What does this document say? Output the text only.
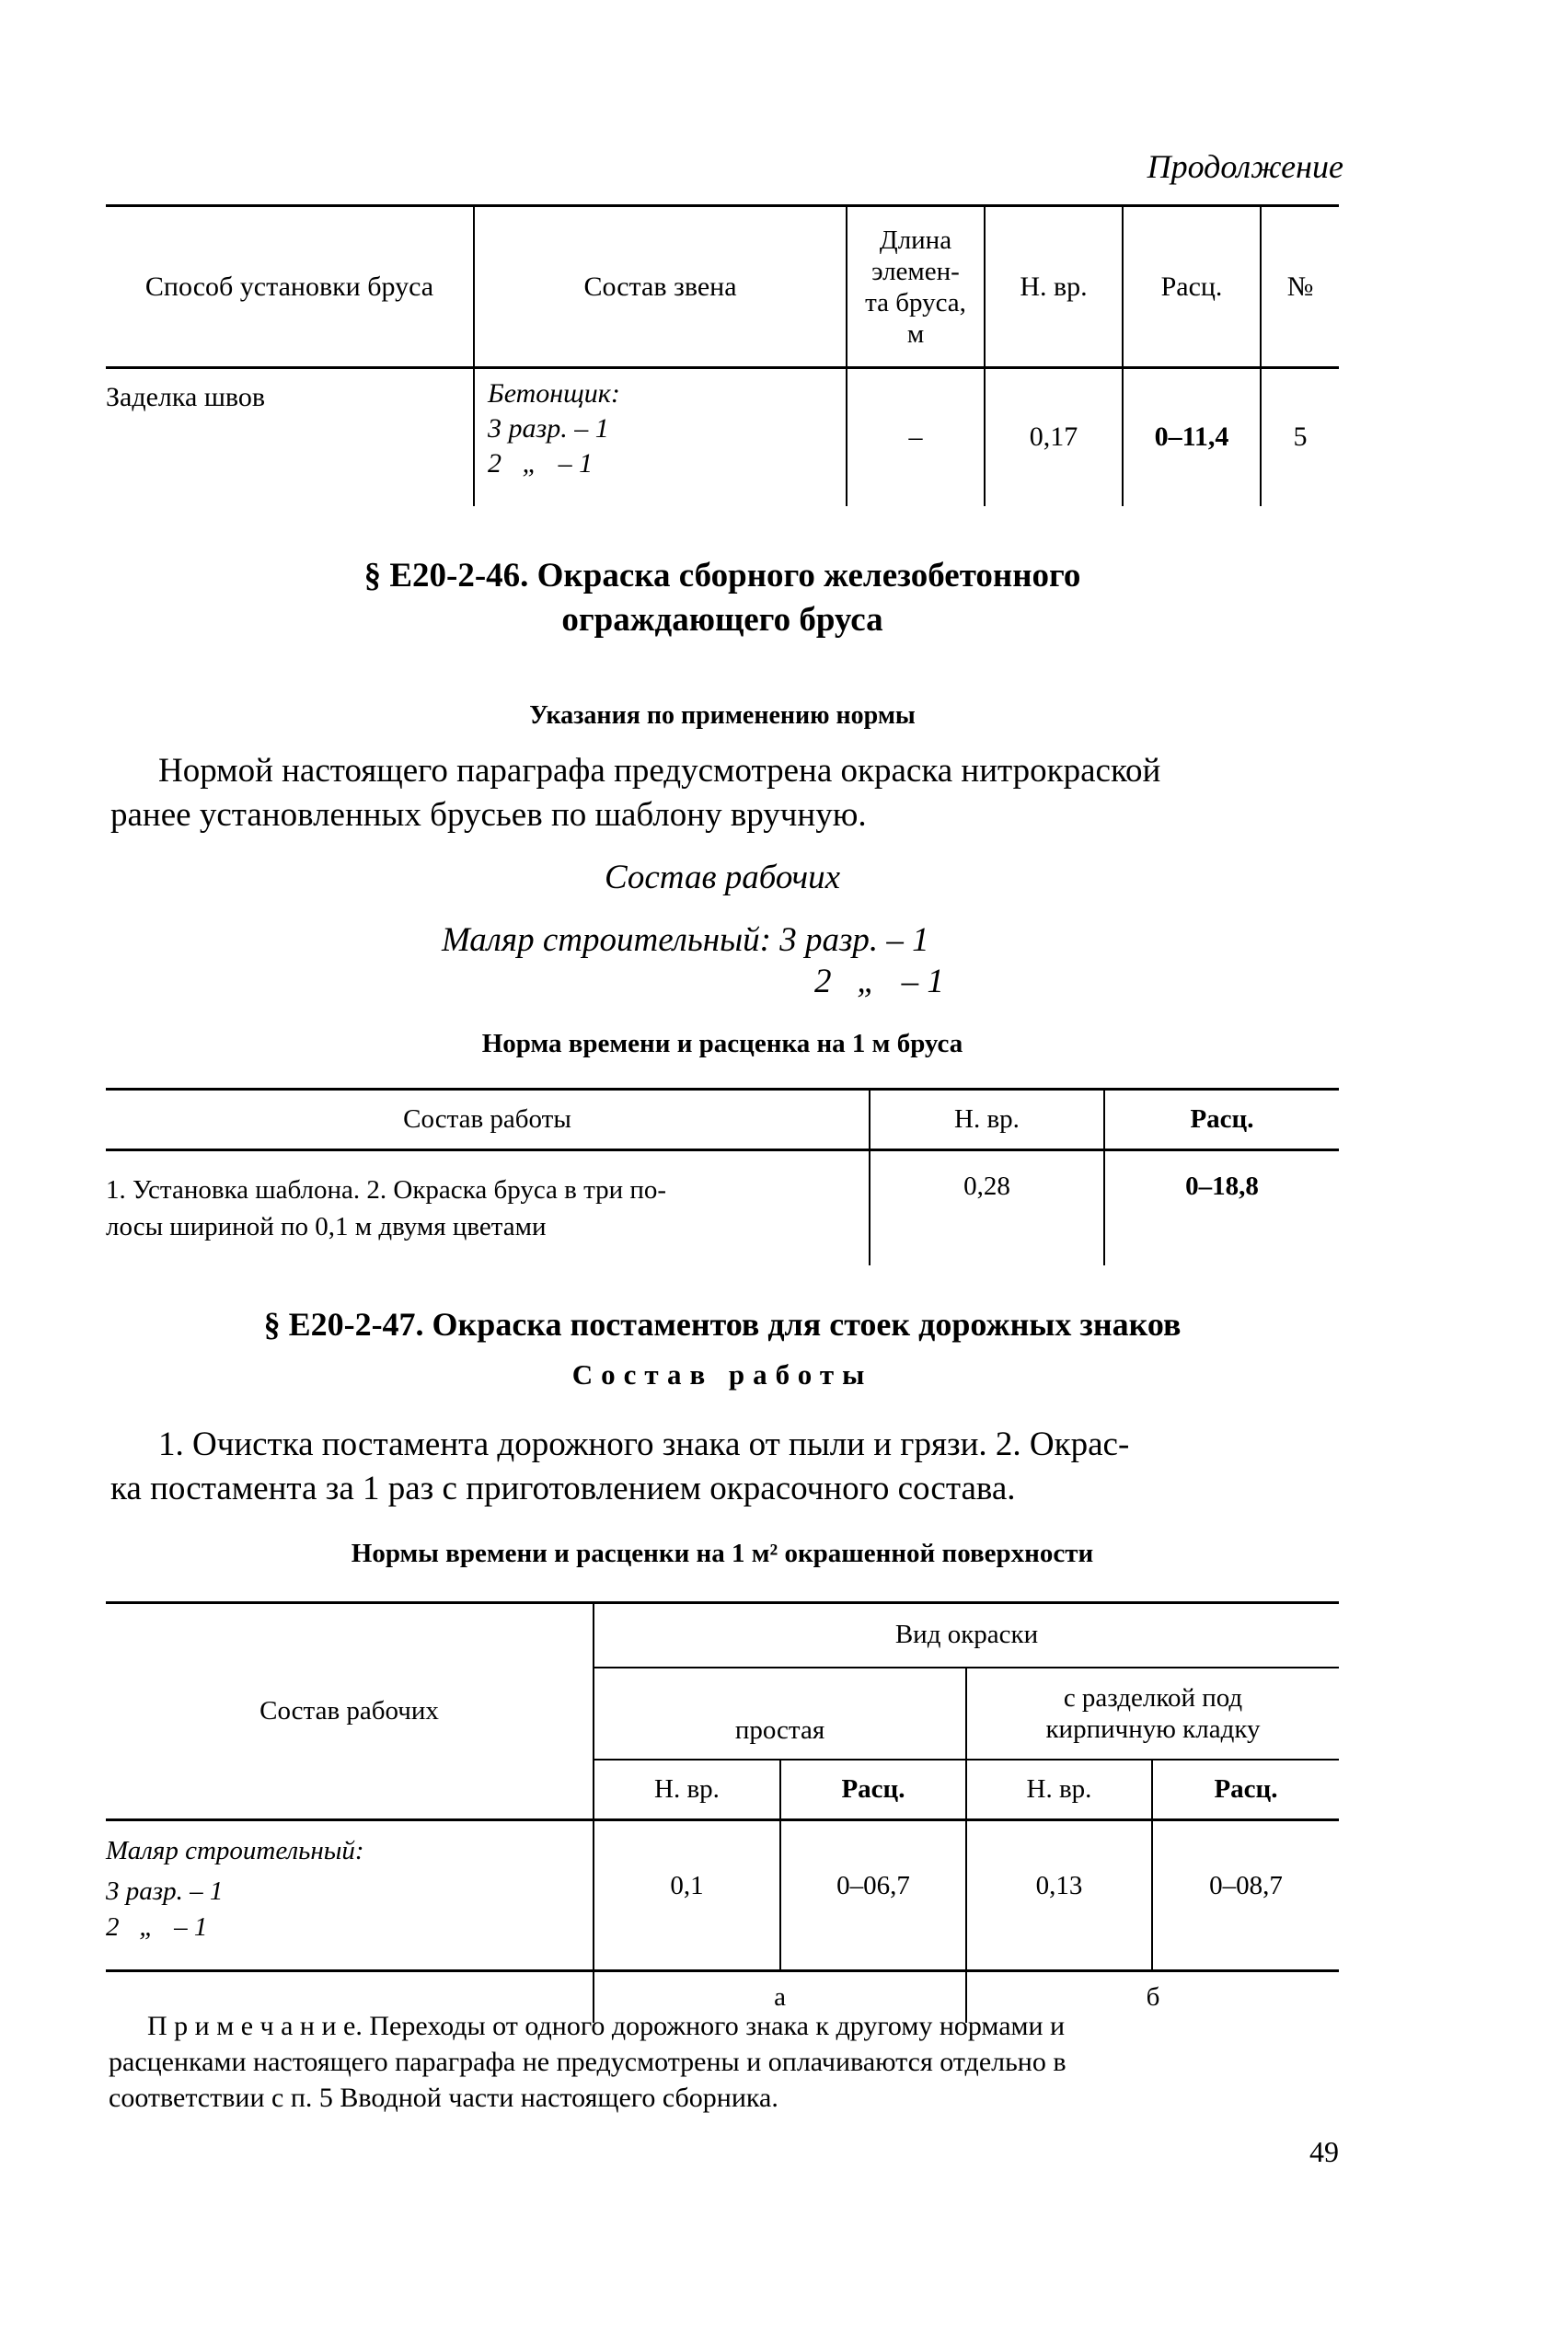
Продолжение
Способ установки бруса	Состав звена	Длина
элемен-
та бруса,
м	Н. вр.	Расц.	№
Заделка швов	Бетонщик:
3 разр. – 1
2   „   – 1	–	0,17	0–11,4	5
§ Е20-2-46. Окраска сборного железобетонного
ограждающего бруса
Указания по применению нормы
Нормой настоящего параграфа предусмотрена окраска нитрокраской
ранее установленных брусьев по шаблону вручную.
Состав рабочих
Маляр строительный: 3 разр. – 1
2   „   – 1
Норма времени и расценка на 1 м бруса
Состав работы	Н. вр.	Расц.

1. Установка шаблона. 2. Окраска бруса в три по-
лосы шириной по 0,1 м двумя цветами	0,28	0–18,8
§ Е20-2-47. Окраска постаментов для стоек дорожных знаков
Состав работы
1. Очистка постамента дорожного знака от пыли и грязи. 2. Окрас-
ка постамента за 1 раз с приготовлением окрасочного состава.
Нормы времени и расценки на 1 м² окрашенной поверхности
Состав рабочих	Вид окраски			
	простая		с разделкой под
кирпичную кладку	

	Н. вр.	Расц.	Н. вр.	Расц.

Маляр строительный:
3 разр. – 1
2   „   – 1	0,1	0–06,7	0,13	0–08,7
	а		б	
П р и м е ч а н и е. Переходы от одного дорожного знака к другому нормами и
расценками настоящего параграфа не предусмотрены и оплачиваются отдельно в
соответствии с п. 5 Вводной части настоящего сборника.
49
